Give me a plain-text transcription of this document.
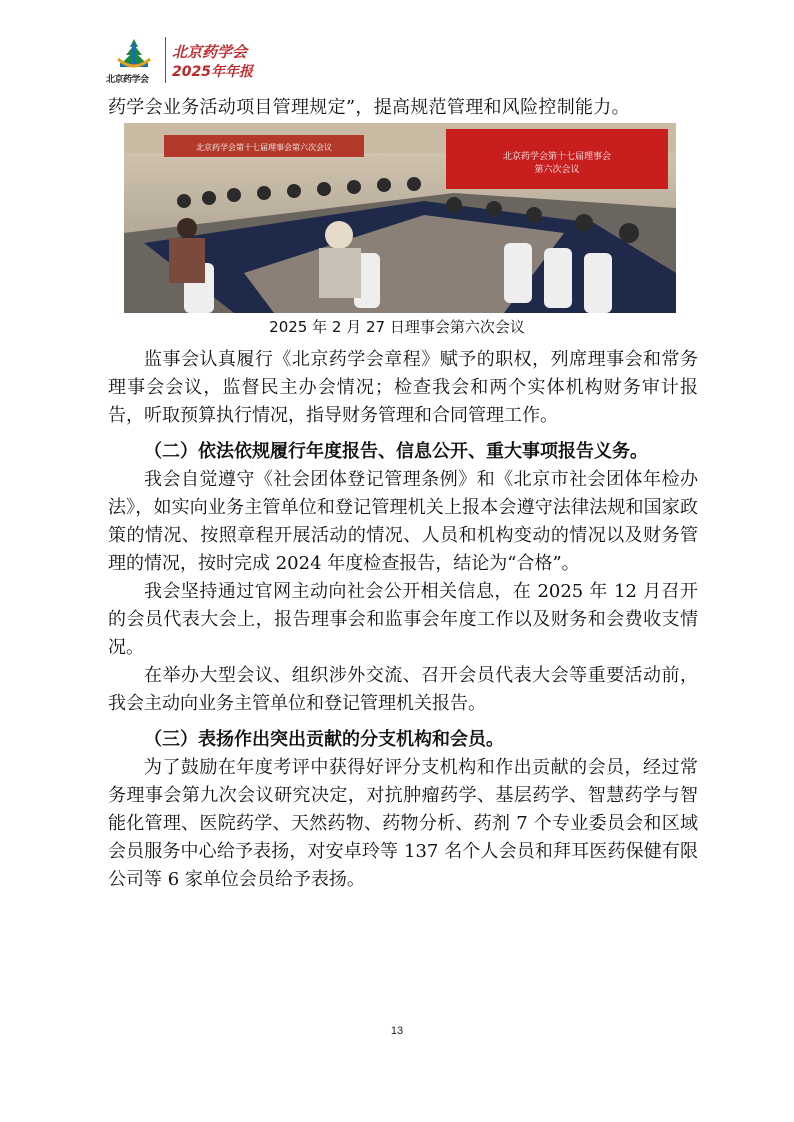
北京药学会
北京药学会
2025年年报
药学会业务活动项目管理规定”，提高规范管理和风险控制能力。
北京药学会第十七届理事会第六次会议
北京药学会第十七届理事会
第六次会议
2025 年 2 月 27 日理事会第六次会议
监事会认真履行《北京药学会章程》赋予的职权，列席理事会和常务理事会会议，监督民主办会情况；检查我会和两个实体机构财务审计报告，听取预算执行情况，指导财务管理和合同管理工作。
（二）依法依规履行年度报告、信息公开、重大事项报告义务。
我会自觉遵守《社会团体登记管理条例》和《北京市社会团体年检办法》，如实向业务主管单位和登记管理机关上报本会遵守法律法规和国家政策的情况、按照章程开展活动的情况、人员和机构变动的情况以及财务管理的情况，按时完成 2024 年度检查报告，结论为“合格”。
我会坚持通过官网主动向社会公开相关信息，在 2025 年 12 月召开的会员代表大会上，报告理事会和监事会年度工作以及财务和会费收支情况。
在举办大型会议、组织涉外交流、召开会员代表大会等重要活动前，我会主动向业务主管单位和登记管理机关报告。
（三）表扬作出突出贡献的分支机构和会员。
为了鼓励在年度考评中获得好评分支机构和作出贡献的会员，经过常务理事会第九次会议研究决定，对抗肿瘤药学、基层药学、智慧药学与智能化管理、医院药学、天然药物、药物分析、药剂 7 个专业委员会和区域会员服务中心给予表扬，对安卓玲等 137 名个人会员和拜耳医药保健有限公司等 6 家单位会员给予表扬。
13
